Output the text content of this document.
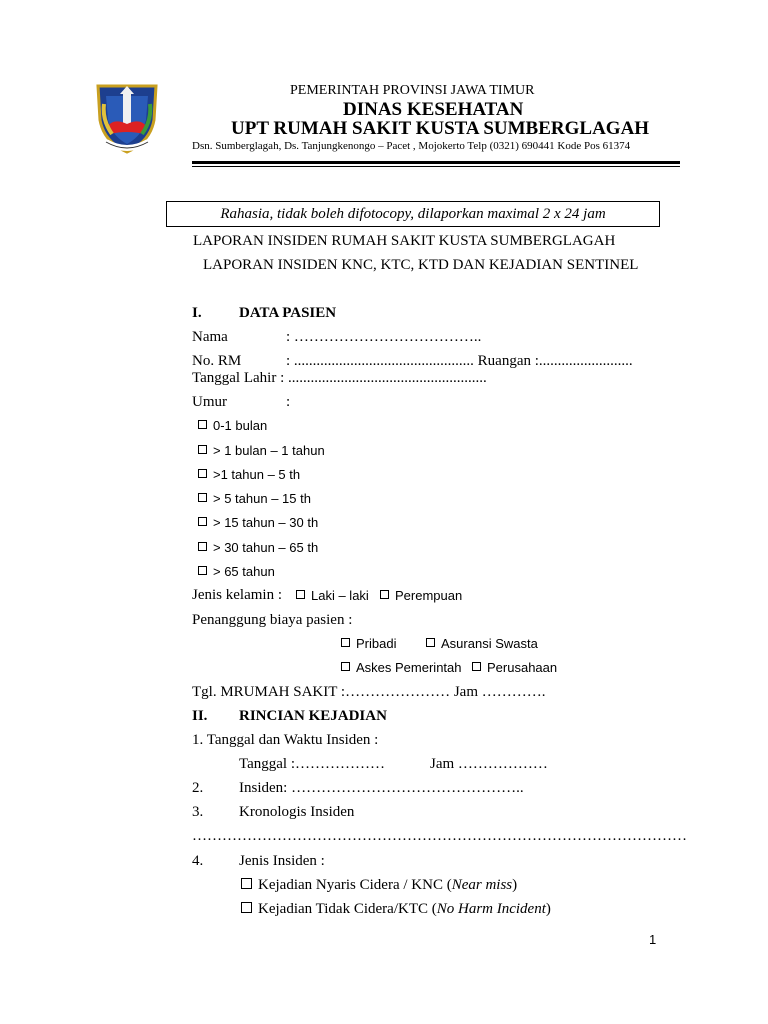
PEMERINTAH PROVINSI JAWA TIMUR
DINAS KESEHATAN
UPT RUMAH SAKIT KUSTA SUMBERGLAGAH
Dsn. Sumberglagah, Ds. Tanjungkenongo – Pacet , Mojokerto Telp (0321) 690441 Kode Pos 61374
Rahasia, tidak boleh difotocopy, dilaporkan maximal 2 x 24 jam
LAPORAN INSIDEN RUMAH SAKIT KUSTA SUMBERGLAGAH
LAPORAN INSIDEN KNC, KTC, KTD DAN KEJADIAN SENTINEL
I. DATA PASIEN
Nama	: ………………………………..
No. RM	: ................................................ Ruangan :.........................
Tanggal Lahir : .....................................................
Umur	:
0-1 bulan
> 1 bulan – 1 tahun
>1 tahun – 5 th
> 5 tahun – 15 th
> 15 tahun – 30 th
> 30 tahun – 65 th
> 65 tahun
Jenis kelamin :	Laki – laki	Perempuan
Penanggung biaya pasien :
Pribadi	Asuransi Swasta
Askes Pemerintah	Perusahaan
Tgl. MRUMAH SAKIT :………………… Jam ………….
II. RINCIAN KEJADIAN
1. Tanggal dan Waktu Insiden :
Tanggal :………………	Jam ………………
2. Insiden: ………………………………………..
3. Kronologis Insiden
………………………………………………………………………………………
4. Jenis Insiden :
Kejadian Nyaris Cidera / KNC (Near miss)
Kejadian Tidak Cidera/KTC (No Harm Incident)
1
